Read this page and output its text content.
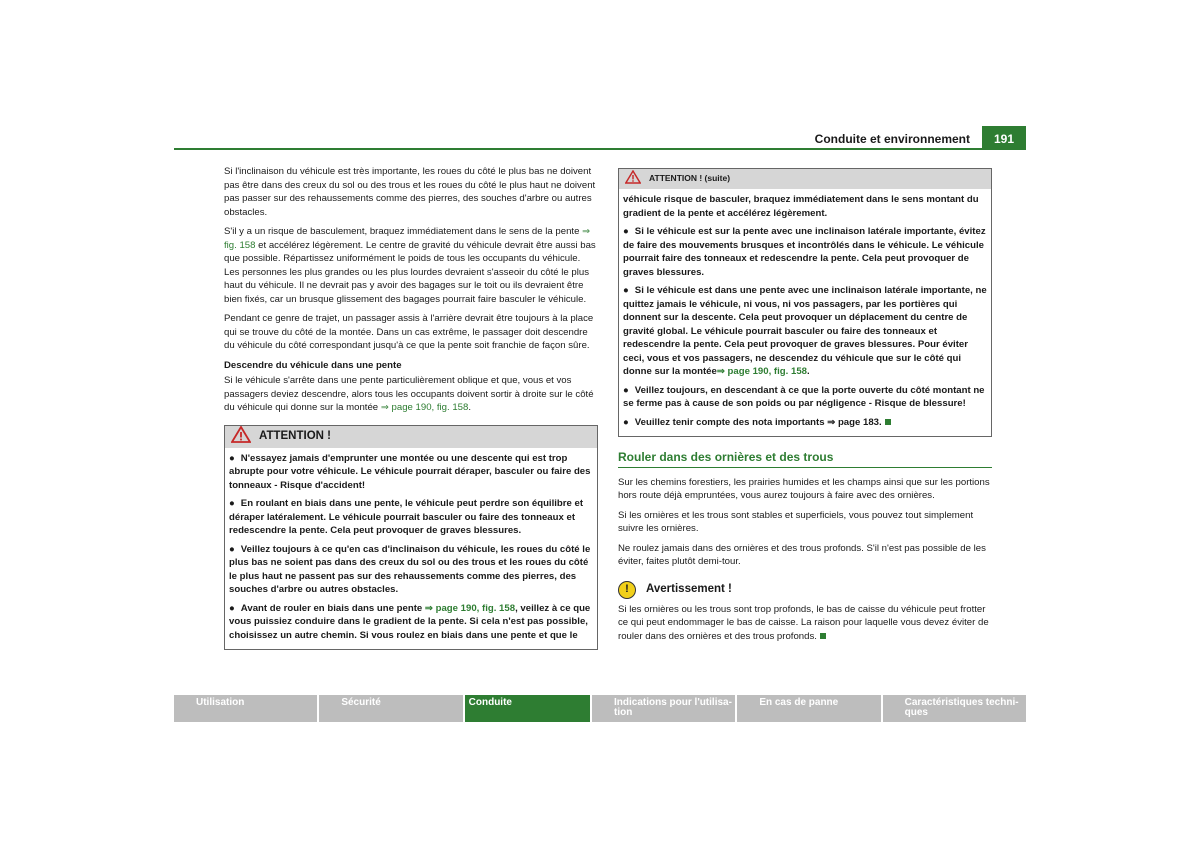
Conduite et environnement	191

Si l'inclinaison du véhicule est très importante, les roues du côté le plus bas ne doivent pas être dans des creux du sol ou des trous et les roues du côté le plus haut ne doivent pas passer sur des rehaussements comme des pierres, des souches d'arbre ou autres obstacles.

S'il y a un risque de basculement, braquez immédiatement dans le sens de la pente ⇒ fig. 158 et accélérez légèrement. Le centre de gravité du véhicule devrait être aussi bas que possible. Répartissez uniformément le poids de tous les occupants du véhicule. Les personnes les plus grandes ou les plus lourdes devraient s'asseoir du côté le plus haut du véhicule. Il ne devrait pas y avoir des bagages sur le toit ou ils devraient être bien fixés, car un brusque glissement des bagages pourrait faire basculer le véhicule.

Pendant ce genre de trajet, un passager assis à l'arrière devrait être toujours à la place qui se trouve du côté de la montée. Dans un cas extrême, le passager doit descendre du véhicule du côté correspondant jusqu'à ce que la pente soit franchie de façon sûre.

Descendre du véhicule dans une pente

Si le véhicule s'arrête dans une pente particulièrement oblique et que, vous et vos passagers deviez descendre, alors tous les occupants doivent sortir à droite sur le côté du véhicule qui donne sur la montée ⇒ page 190, fig. 158.

ATTENTION !

● N'essayez jamais d'emprunter une montée ou une descente qui est trop abrupte pour votre véhicule. Le véhicule pourrait déraper, basculer ou faire des tonneaux - Risque d'accident!

● En roulant en biais dans une pente, le véhicule peut perdre son équilibre et déraper latéralement. Le véhicule pourrait basculer ou faire des tonneaux et redescendre la pente. Cela peut provoquer de graves blessures.

● Veillez toujours à ce qu'en cas d'inclinaison du véhicule, les roues du côté le plus bas ne soient pas dans des creux du sol ou des trous et les roues du côté le plus haut ne passent pas sur des rehaussements comme des pierres, des souches d'arbre ou autres obstacles.

● Avant de rouler en biais dans une pente ⇒ page 190, fig. 158, veillez à ce que vous puissiez conduire dans le gradient de la pente. Si cela n'est pas possible, choisissez un autre chemin. Si vous roulez en biais dans une pente et que le

ATTENTION ! (suite)

véhicule risque de basculer, braquez immédiatement dans le sens montant du gradient de la pente et accélérez légèrement.

● Si le véhicule est sur la pente avec une inclinaison latérale importante, évitez de faire des mouvements brusques et incontrôlés dans le véhicule. Le véhicule pourrait faire des tonneaux et redescendre la pente. Cela peut provoquer de graves blessures.

● Si le véhicule est dans une pente avec une inclinaison latérale importante, ne quittez jamais le véhicule, ni vous, ni vos passagers, par les portières qui donnent sur la descente. Cela peut provoquer un déplacement du centre de gravité global. Le véhicule pourrait basculer ou faire des tonneaux et redescendre la pente. Cela peut provoquer de graves blessures. Pour éviter ceci, vous et vos passagers, ne descendez du véhicule que sur le côté qui donne sur la montée⇒ page 190, fig. 158.

● Veillez toujours, en descendant à ce que la porte ouverte du côté montant ne se ferme pas à cause de son poids ou par négligence - Risque de blessure!

● Veuillez tenir compte des nota importants ⇒ page 183.

Rouler dans des ornières et des trous

Sur les chemins forestiers, les prairies humides et les champs ainsi que sur les portions hors route déjà empruntées, vous aurez toujours à faire avec des ornières.

Si les ornières et les trous sont stables et superficiels, vous pouvez tout simplement suivre les ornières.

Ne roulez jamais dans des ornières et des trous profonds. S'il n'est pas possible de les éviter, faites plutôt demi-tour.

!	Avertissement !

Si les ornières ou les trous sont trop profonds, le bas de caisse du véhicule peut frotter ce qui peut endommager le bas de caisse. La raison pour laquelle vous devez éviter de rouler dans des ornières et des trous profonds.

Utilisation	Sécurité	Conduite	Indications pour l'utilisa- tion
En cas de panne	Caractéristiques techni- ques
